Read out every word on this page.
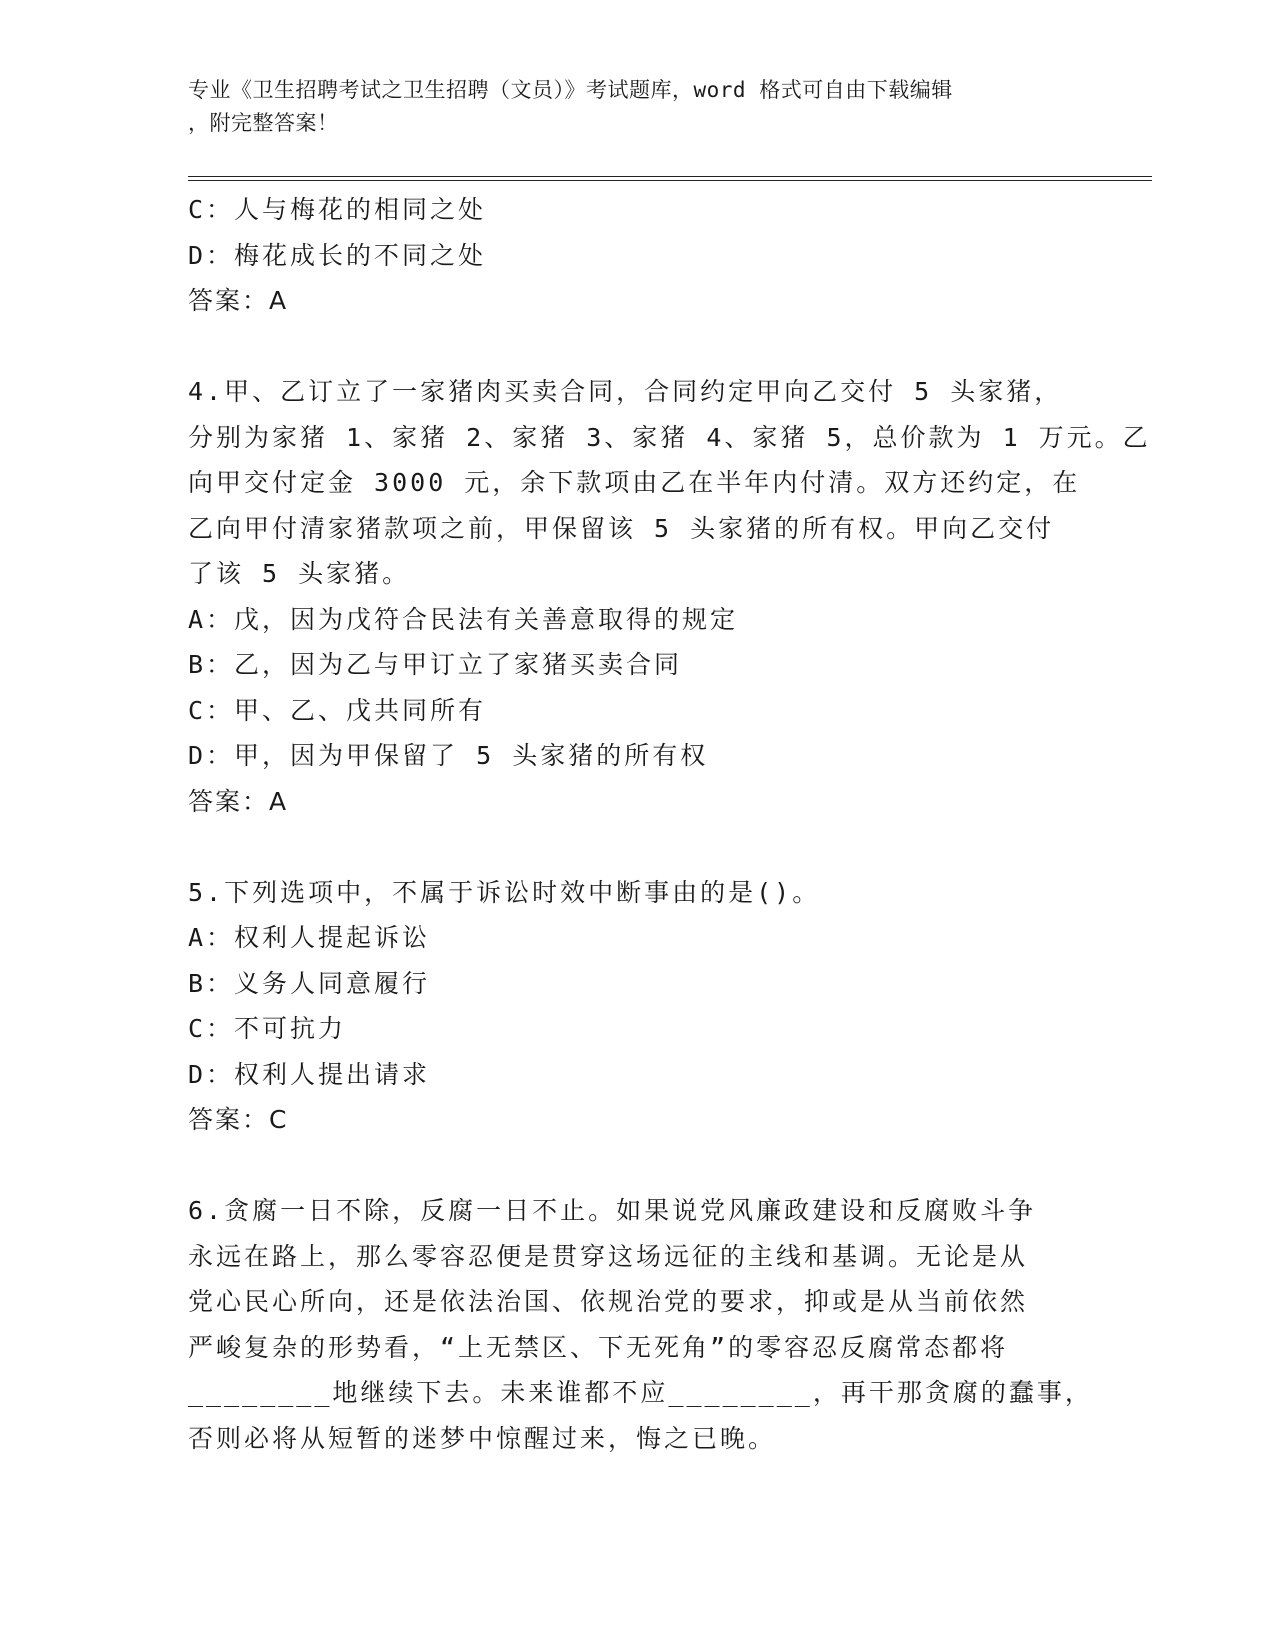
专业《卫生招聘考试之卫生招聘（文员）》考试题库，word 格式可自由下载编辑
，附完整答案！
C：人与梅花的相同之处
D：梅花成长的不同之处
答案：A
4.甲、乙订立了一家猪肉买卖合同，合同约定甲向乙交付 5 头家猪，
分别为家猪 1、家猪 2、家猪 3、家猪 4、家猪 5，总价款为 1 万元。乙
向甲交付定金 3000 元，余下款项由乙在半年内付清。双方还约定，在
乙向甲付清家猪款项之前，甲保留该 5 头家猪的所有权。甲向乙交付
了该 5 头家猪。
A：戊，因为戊符合民法有关善意取得的规定
B：乙，因为乙与甲订立了家猪买卖合同
C：甲、乙、戊共同所有
D：甲，因为甲保留了 5 头家猪的所有权
答案：A
5.下列选项中，不属于诉讼时效中断事由的是()。
A：权利人提起诉讼
B：义务人同意履行
C：不可抗力
D：权利人提出请求
答案：C
6.贪腐一日不除，反腐一日不止。如果说党风廉政建设和反腐败斗争
永远在路上，那么零容忍便是贯穿这场远征的主线和基调。无论是从
党心民心所向，还是依法治国、依规治党的要求，抑或是从当前依然
严峻复杂的形势看，“上无禁区、下无死角”的零容忍反腐常态都将
________地继续下去。未来谁都不应________，再干那贪腐的蠢事，
否则必将从短暂的迷梦中惊醒过来，悔之已晚。
